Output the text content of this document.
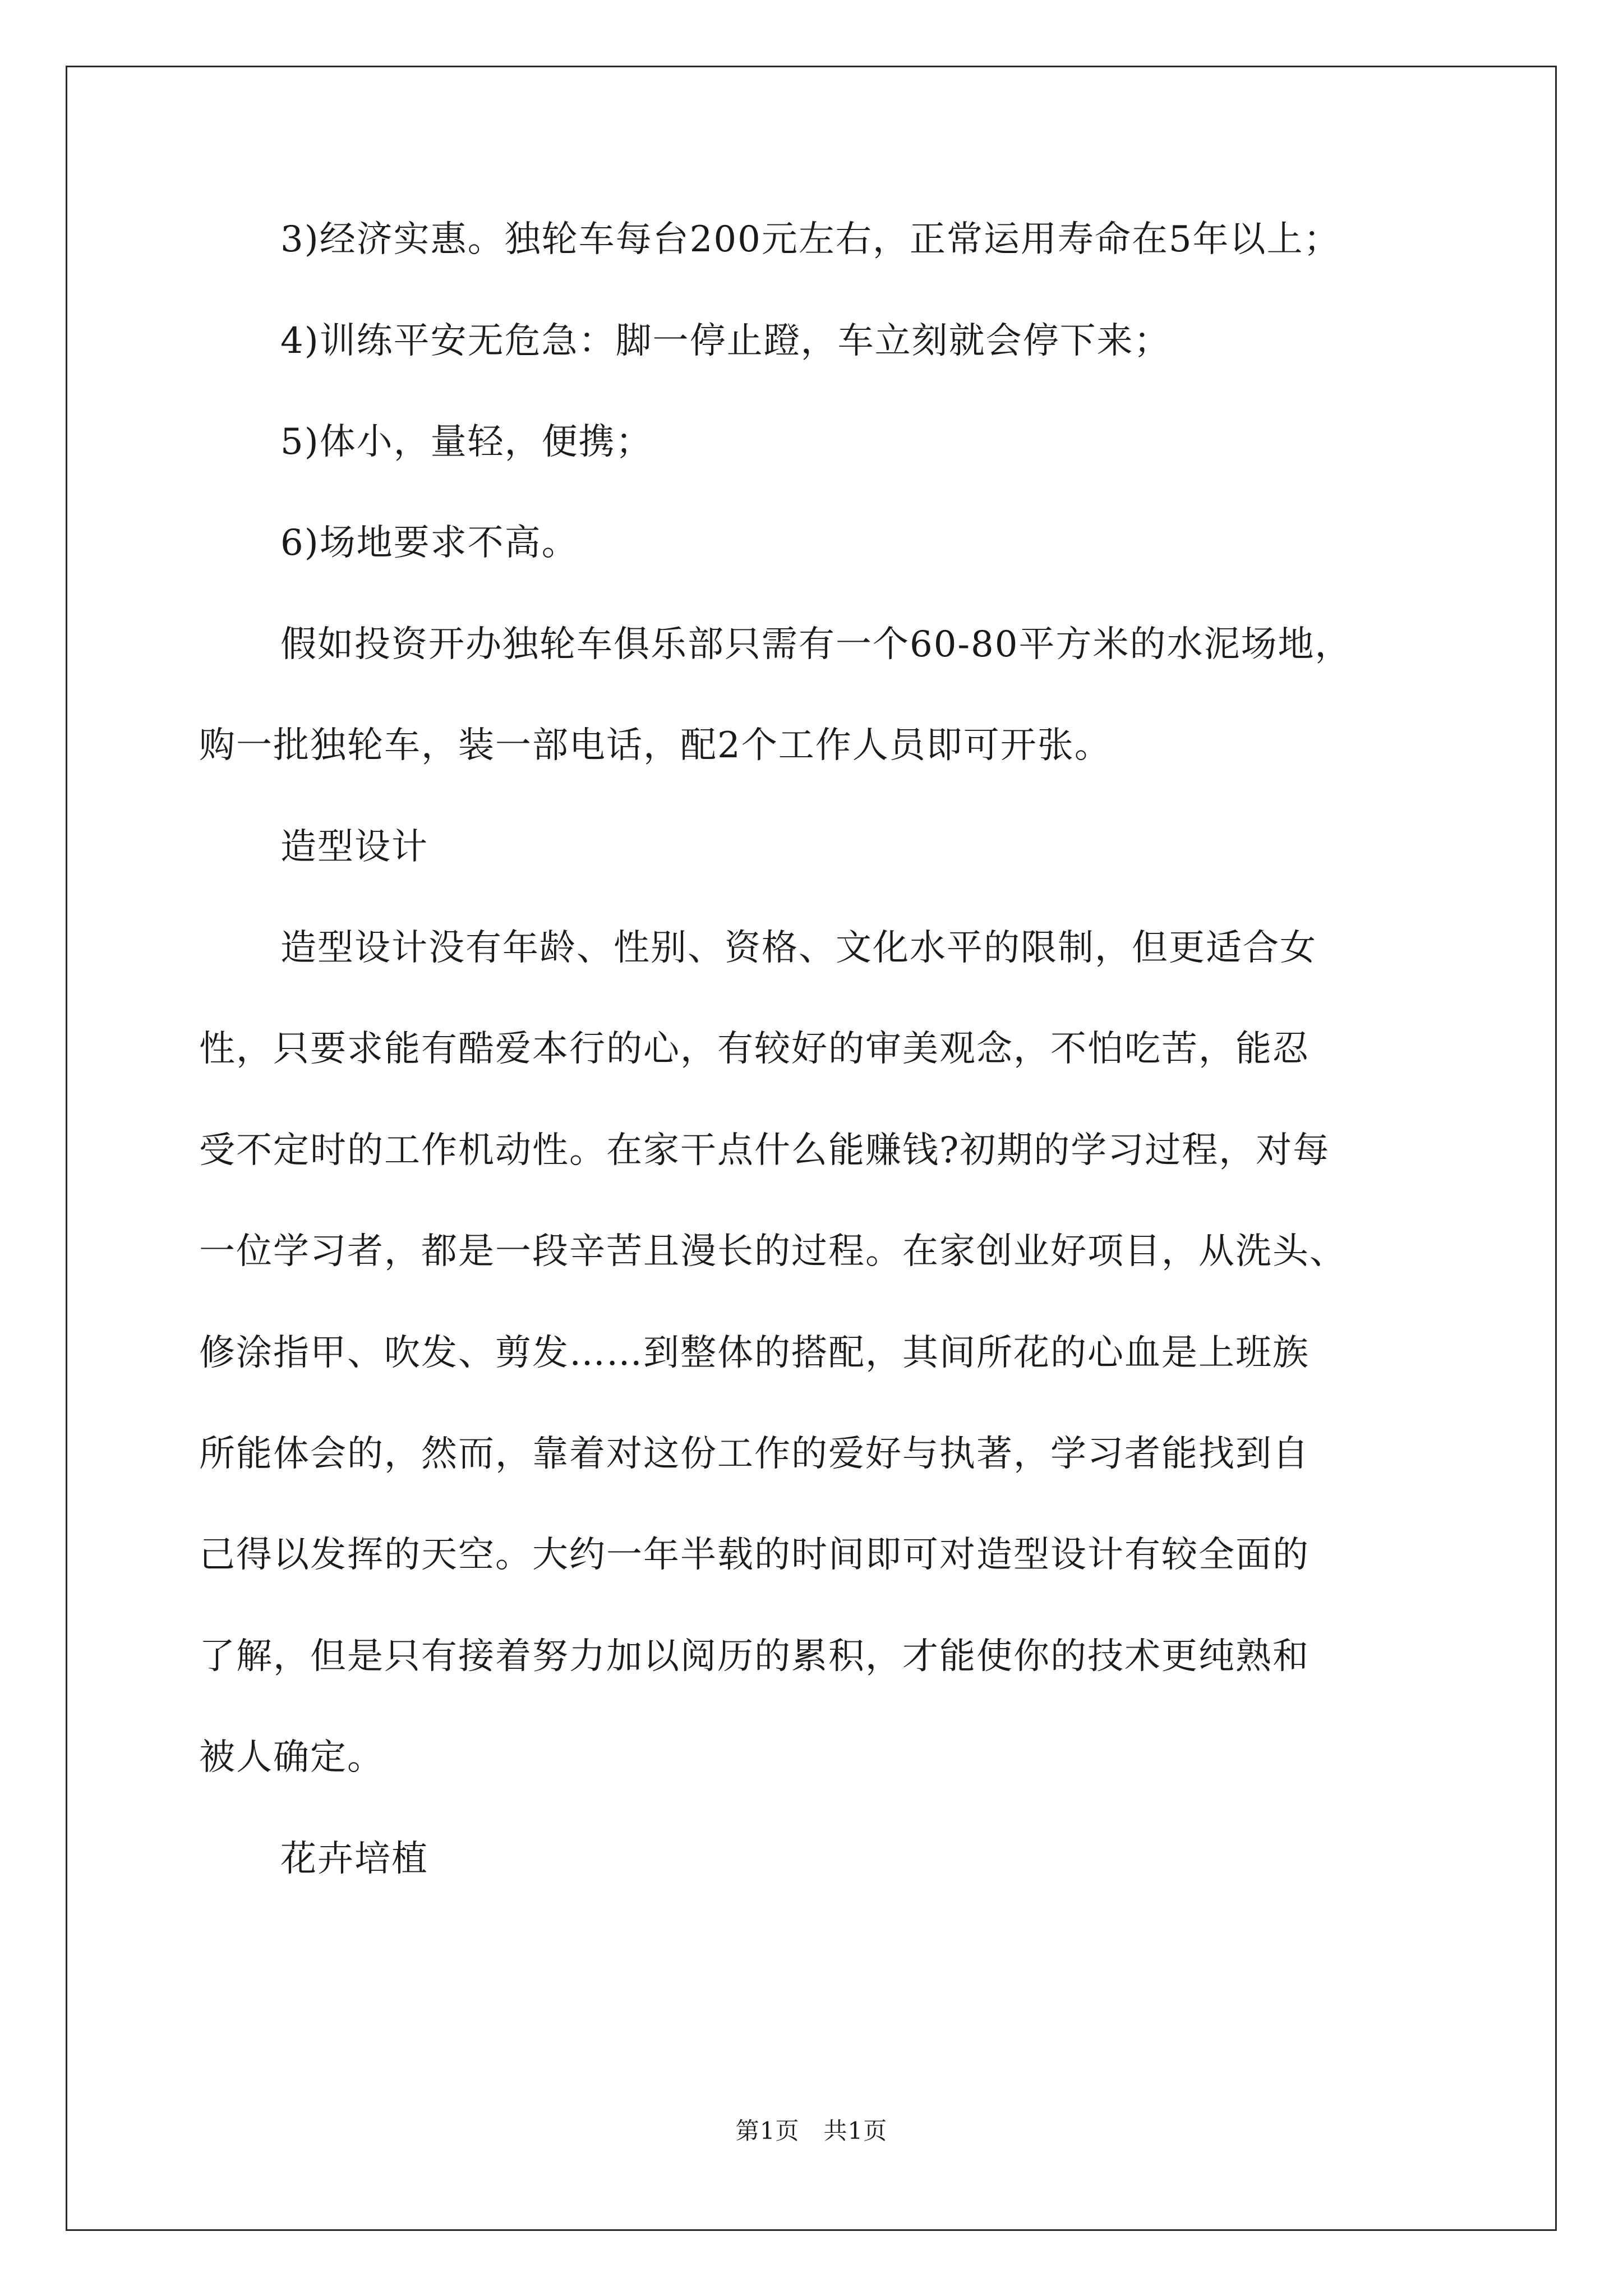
3)经济实惠。独轮车每台200元左右，正常运用寿命在5年以上；
4)训练平安无危急：脚一停止蹬，车立刻就会停下来；
5)体小，量轻，便携；
6)场地要求不高。
假如投资开办独轮车俱乐部只需有一个60-80平方米的水泥场地，
购一批独轮车，装一部电话，配2个工作人员即可开张。
造型设计
造型设计没有年龄、性别、资格、文化水平的限制，但更适合女
性，只要求能有酷爱本行的心，有较好的审美观念，不怕吃苦，能忍
受不定时的工作机动性。在家干点什么能赚钱?初期的学习过程，对每
一位学习者，都是一段辛苦且漫长的过程。在家创业好项目，从洗头、
修涂指甲、吹发、剪发……到整体的搭配，其间所花的心血是上班族
所能体会的，然而，靠着对这份工作的爱好与执著，学习者能找到自
己得以发挥的天空。大约一年半载的时间即可对造型设计有较全面的
了解，但是只有接着努力加以阅历的累积，才能使你的技术更纯熟和
被人确定。
花卉培植
第1页　共1页
